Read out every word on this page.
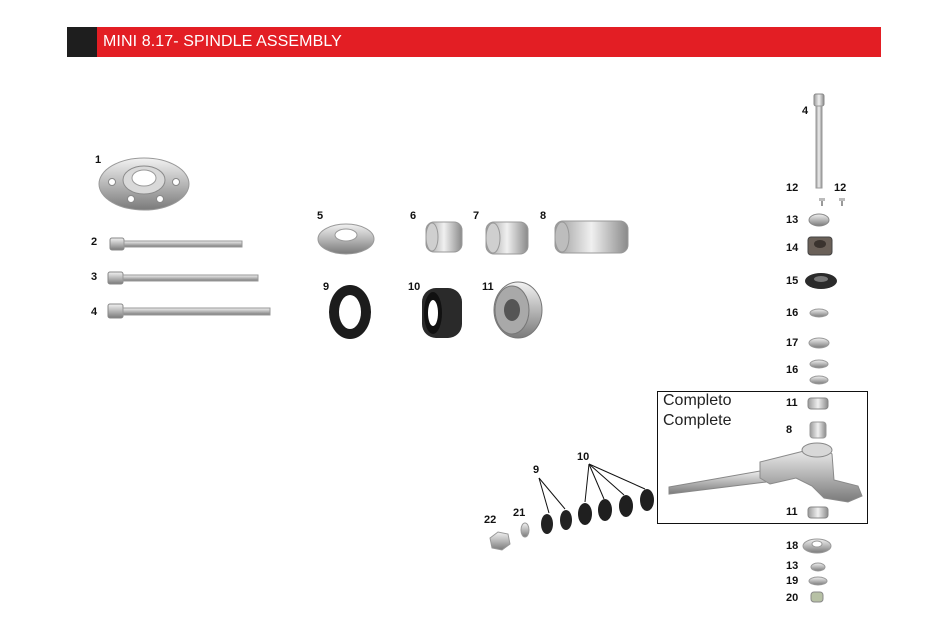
MINI 8.17- SPINDLE ASSEMBLY
1
2
3
4
5	6	7	8
9	10	11
4
12	12
13
14
15
16
17
16
Completo
Complete
11
8
11
18
13
19
20
9
10
21
22
